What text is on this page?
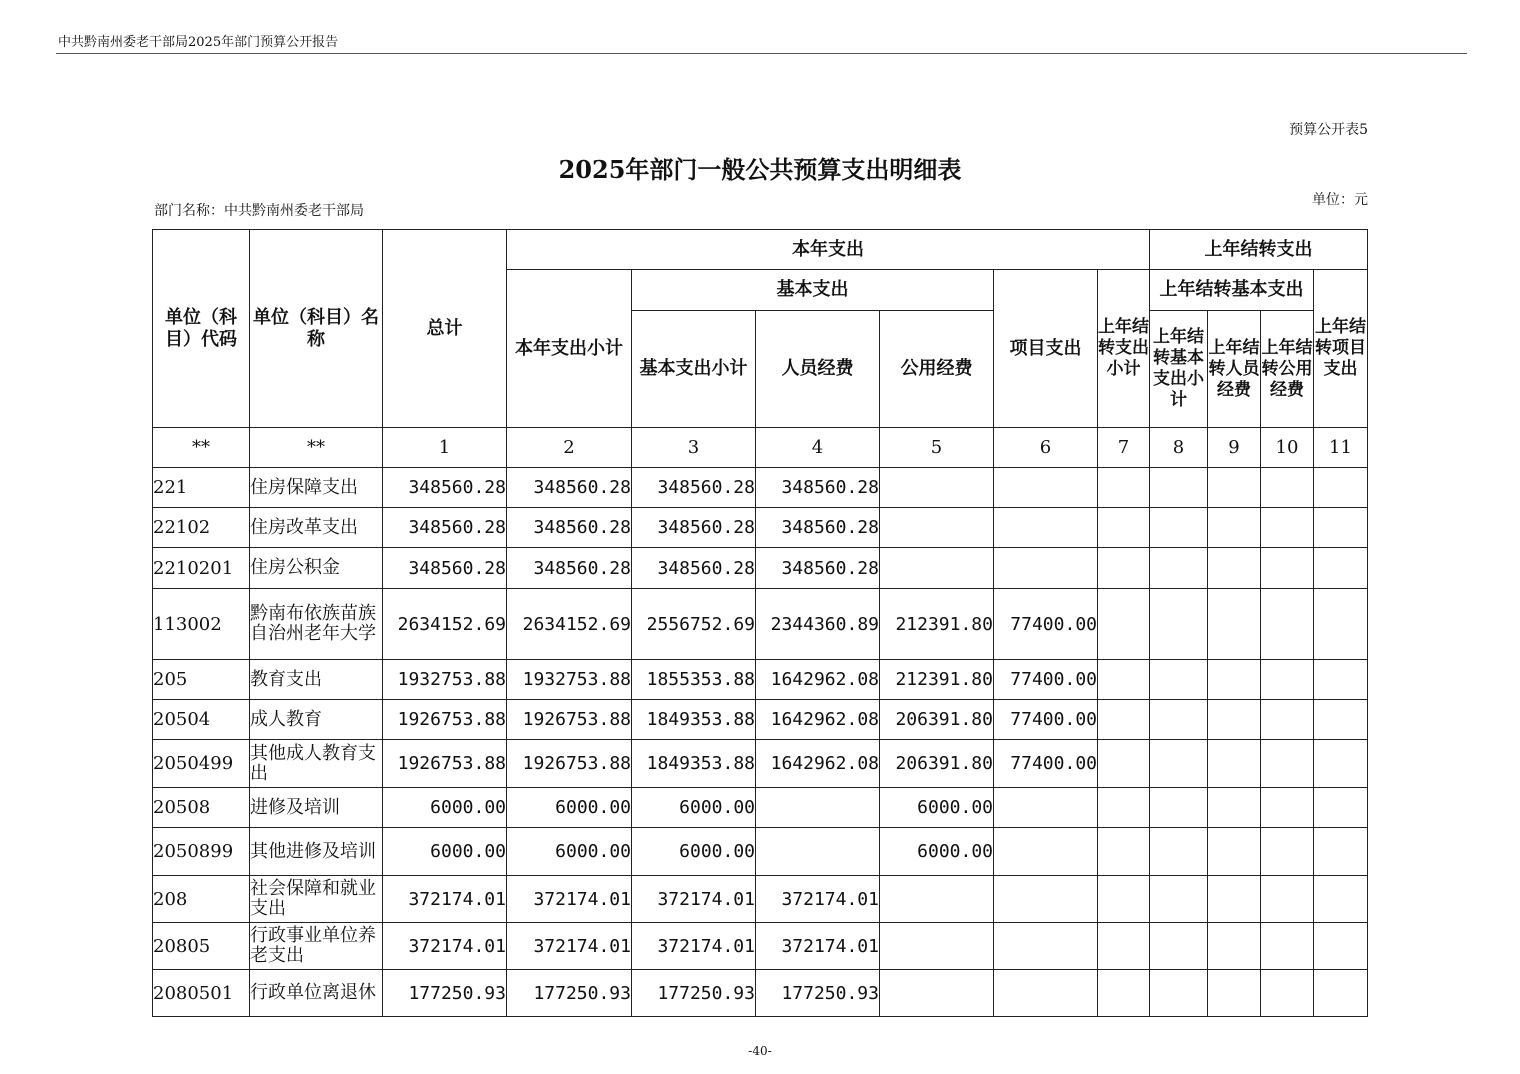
中共黔南州委老干部局2025年部门预算公开报告
预算公开表5
2025年部门一般公共预算支出明细表
单位：元
部门名称：中共黔南州委老干部局
单位（科目）代码	单位（科目）名称	总计	本年支出						上年结转支出			
			本年支出小计	基本支出			项目支出	上年结转支出小计	上年结转基本支出			上年结转项目支出
				基本支出小计	人员经费	公用经费			上年结转基本支出小计	上年结转人员经费	上年结转公用经费	
**	**	1	2	3	4	5	6	7	8	9	10	11
221	住房保障支出	348560.28	348560.28	348560.28	348560.28							
22102	住房改革支出	348560.28	348560.28	348560.28	348560.28							
2210201	住房公积金	348560.28	348560.28	348560.28	348560.28							
113002	黔南布依族苗族自治州老年大学	2634152.69	2634152.69	2556752.69	2344360.89	212391.80	77400.00					
205	教育支出	1932753.88	1932753.88	1855353.88	1642962.08	212391.80	77400.00					
20504	成人教育	1926753.88	1926753.88	1849353.88	1642962.08	206391.80	77400.00					
2050499	其他成人教育支出	1926753.88	1926753.88	1849353.88	1642962.08	206391.80	77400.00					
20508	进修及培训	6000.00	6000.00	6000.00		6000.00						
2050899	其他进修及培训	6000.00	6000.00	6000.00		6000.00						
208	社会保障和就业支出	372174.01	372174.01	372174.01	372174.01							
20805	行政事业单位养老支出	372174.01	372174.01	372174.01	372174.01							
2080501	行政单位离退休	177250.93	177250.93	177250.93	177250.93							
-40-
